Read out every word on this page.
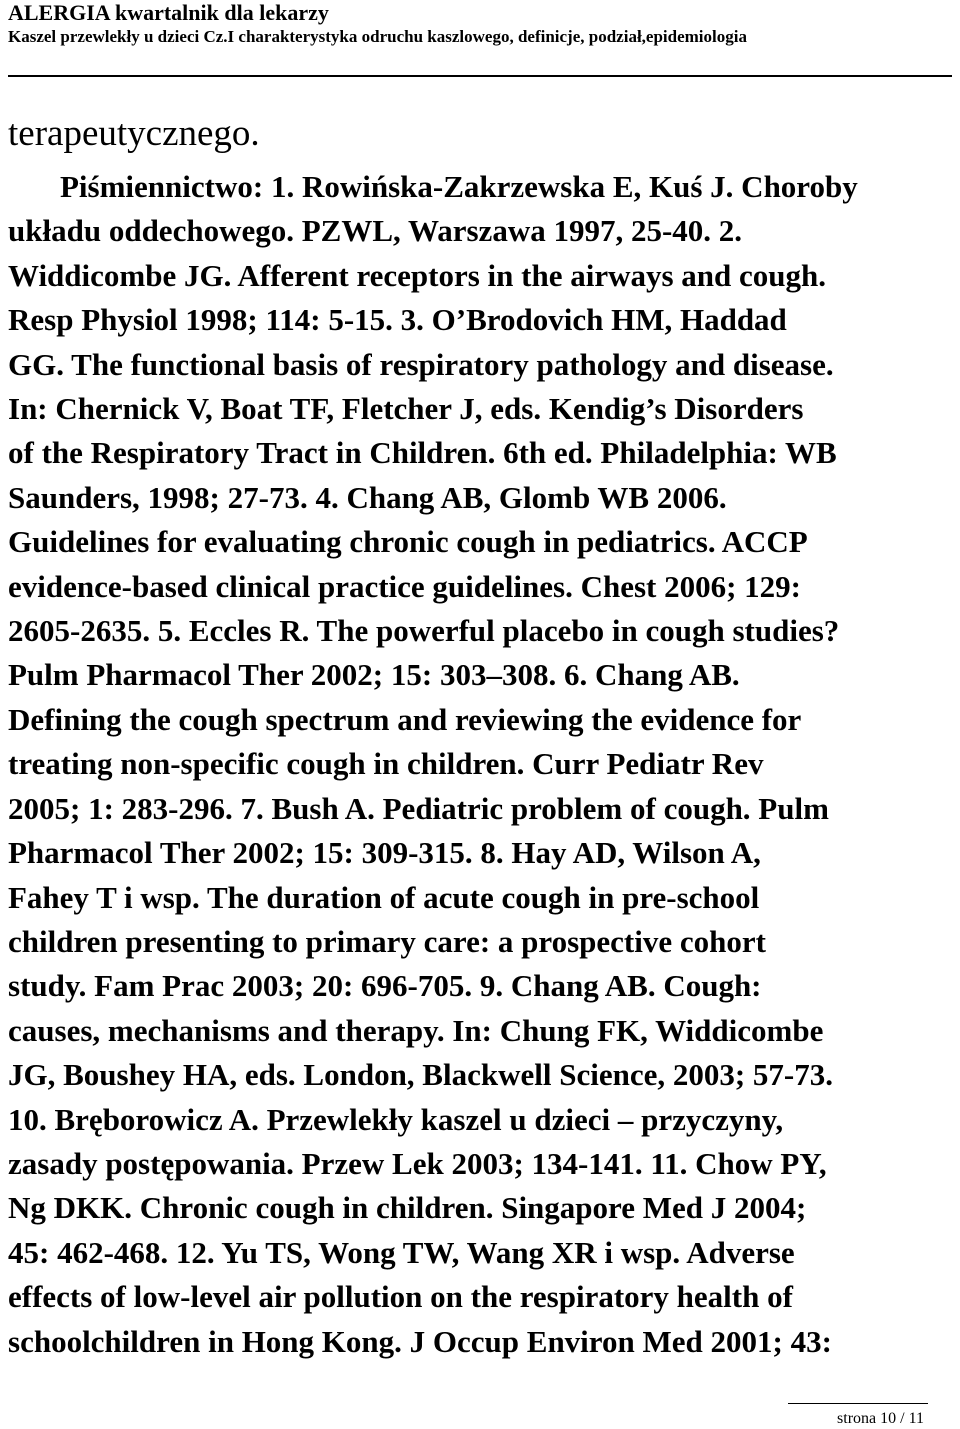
ALERGIA kwartalnik dla lekarzy
Kaszel przewlekły u dzieci Cz.I charakterystyka odruchu kaszlowego, definicje, podział,epidemiologia
terapeutycznego.
Piśmiennictwo: 1. Rowińska-Zakrzewska E, Kuś J. Choroby
układu oddechowego. PZWL, Warszawa 1997, 25-40. 2.
Widdicombe JG. Afferent receptors in the airways and cough.
Resp Physiol 1998; 114: 5-15. 3. O’Brodovich HM, Haddad
GG. The functional basis of respiratory pathology and disease.
In: Chernick V, Boat TF, Fletcher J, eds. Kendig’s Disorders
of the Respiratory Tract in Children. 6th ed. Philadelphia: WB
Saunders, 1998; 27-73. 4. Chang AB, Glomb WB 2006.
Guidelines for evaluating chronic cough in pediatrics. ACCP
evidence-based clinical practice guidelines. Chest 2006; 129:
2605-2635. 5. Eccles R. The powerful placebo in cough studies?
Pulm Pharmacol Ther 2002; 15: 303–308. 6. Chang AB.
Defining the cough spectrum and reviewing the evidence for
treating non-specific cough in children. Curr Pediatr Rev
2005; 1: 283-296. 7. Bush A. Pediatric problem of cough. Pulm
Pharmacol Ther 2002; 15: 309-315. 8. Hay AD, Wilson A,
Fahey T i wsp. The duration of acute cough in pre-school
children presenting to primary care: a prospective cohort
study. Fam Prac 2003; 20: 696-705. 9. Chang AB. Cough:
causes, mechanisms and therapy. In: Chung FK, Widdicombe
JG, Boushey HA, eds. London, Blackwell Science, 2003; 57-73.
10. Bręborowicz A. Przewlekły kaszel u dzieci – przyczyny,
zasady postępowania. Przew Lek 2003; 134-141. 11. Chow PY,
Ng DKK. Chronic cough in children. Singapore Med J 2004;
45: 462-468. 12. Yu TS, Wong TW, Wang XR i wsp. Adverse
effects of low-level air pollution on the respiratory health of
schoolchildren in Hong Kong. J Occup Environ Med 2001; 43:
strona 10 / 11
